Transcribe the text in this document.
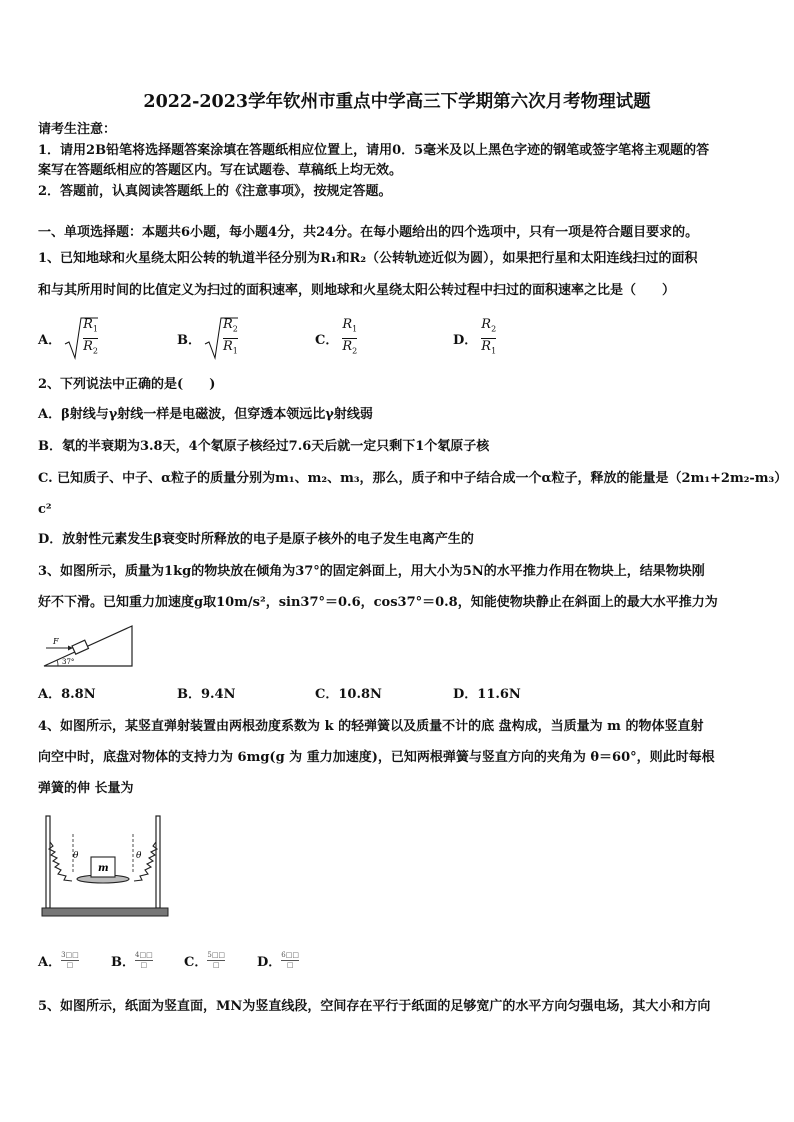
2022-2023学年钦州市重点中学高三下学期第六次月考物理试题
请考生注意：
1．请用2B铅笔将选择题答案涂填在答题纸相应位置上，请用0．5毫米及以上黑色字迹的钢笔或签字笔将主观题的答
案写在答题纸相应的答题区内。写在试题卷、草稿纸上均无效。
2．答题前，认真阅读答题纸上的《注意事项》，按规定答题。
一、单项选择题：本题共6小题，每小题4分，共24分。在每小题给出的四个选项中，只有一项是符合题目要求的。
1、已知地球和火星绕太阳公转的轨道半径分别为R₁和R₂（公转轨迹近似为圆），如果把行星和太阳连线扫过的面积
和与其所用时间的比值定义为扫过的面积速率，则地球和火星绕太阳公转过程中扫过的面积速率之比是（　　）
A． $\frac{R_1}{R_2}$	B． $\frac{R_2}{R_1}$	C． $\frac{R_1}{R_2}$	D． $\frac{R_2}{R_1}$
2、下列说法中正确的是(　　)
A．β射线与γ射线一样是电磁波，但穿透本领远比γ射线弱
B．氡的半衰期为3.8天，4个氡原子核经过7.6天后就一定只剩下1个氡原子核
C. 已知质子、中子、α粒子的质量分别为m₁、m₂、m₃，那么，质子和中子结合成一个α粒子，释放的能量是（2m₁+2m₂-m₃）
c²
D．放射性元素发生β衰变时所释放的电子是原子核外的电子发生电离产生的
3、如图所示，质量为1kg的物块放在倾角为37°的固定斜面上，用大小为5N的水平推力作用在物块上，结果物块刚
好不下滑。已知重力加速度g取10m/s²，sin37°＝0.6，cos37°＝0.8，知能使物块静止在斜面上的最大水平推力为
F
37°
A．8.8N	B．9.4N	C．10.8N	D．11.6N
4、如图所示，某竖直弹射装置由两根劲度系数为 k 的轻弹簧以及质量不计的底 盘构成，当质量为 m 的物体竖直射
向空中时，底盘对物体的支持力为 6mg(g 为 重力加速度)，已知两根弹簧与竖直方向的夹角为 θ＝60°，则此时每根
弹簧的伸 长量为
m
θ	θ
A． $\frac{3□□}{□}$ B． $\frac{4□□}{□}$ C． $\frac{5□□}{□}$ D． $\frac{6□□}{□}$
5、如图所示，纸面为竖直面，MN为竖直线段，空间存在平行于纸面的足够宽广的水平方向匀强电场，其大小和方向
